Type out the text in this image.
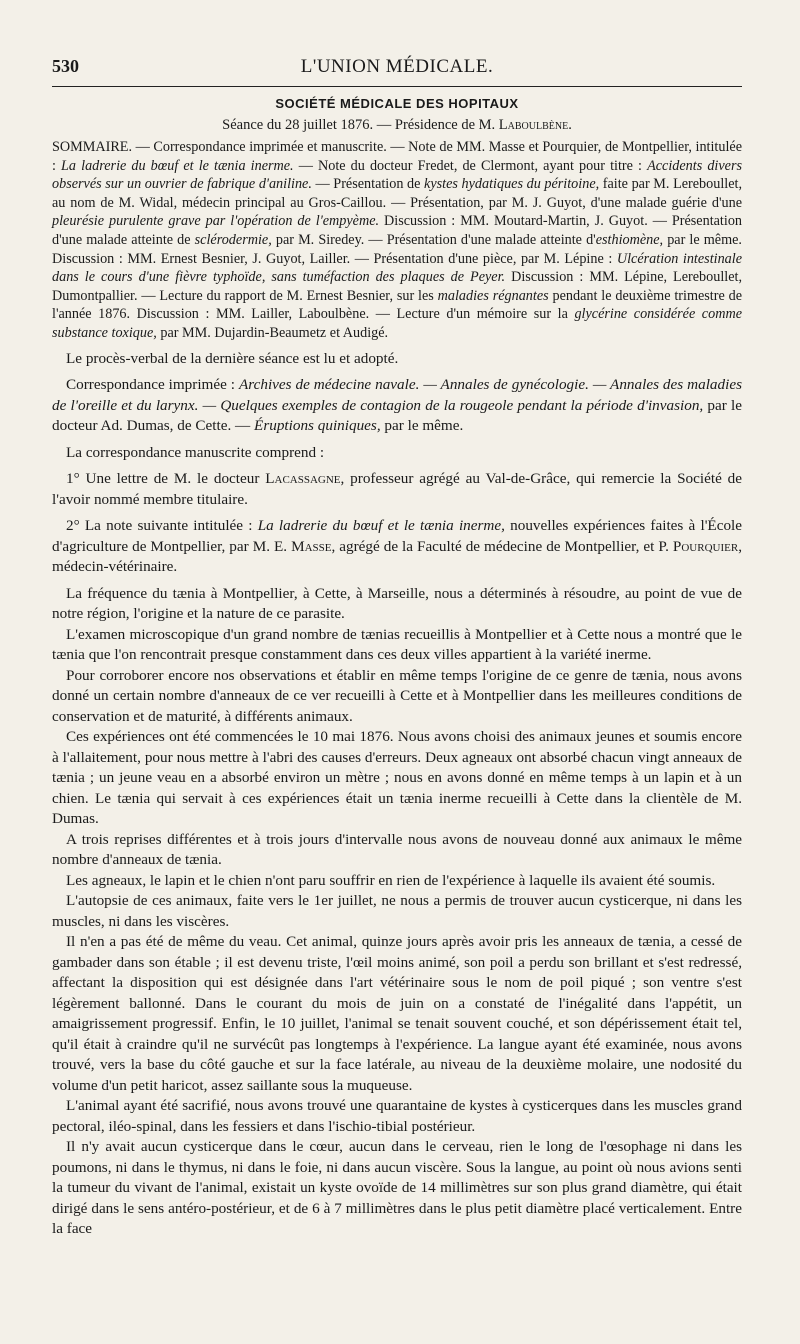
530	L'UNION MÉDICALE.
SOCIÉTÉ MÉDICALE DES HOPITAUX
Séance du 28 juillet 1876. — Présidence de M. Laboulbène.

SOMMAIRE. — Correspondance imprimée et manuscrite. — Note de MM. Masse et Pourquier, de Montpellier, intitulée : La ladrerie du bœuf et le tænia inerme. — Note du docteur Fredet, de Clermont, ayant pour titre : Accidents divers observés sur un ouvrier de fabrique d'aniline. — Présentation de kystes hydatiques du péritoine, faite par M. Lereboullet, au nom de M. Widal, médecin principal au Gros-Caillou. — Présentation, par M. J. Guyot, d'une malade guérie d'une pleurésie purulente grave par l'opération de l'empyème. Discussion : MM. Moutard-Martin, J. Guyot. — Présentation d'une malade atteinte de sclérodermie, par M. Siredey. — Présentation d'une malade atteinte d'esthiomène, par le même. Discussion : MM. Ernest Besnier, J. Guyot, Lailler. — Présentation d'une pièce, par M. Lépine : Ulcération intestinale dans le cours d'une fièvre typhoïde, sans tuméfaction des plaques de Peyer. Discussion : MM. Lépine, Lereboullet, Dumontpallier. — Lecture du rapport de M. Ernest Besnier, sur les maladies régnantes pendant le deuxième trimestre de l'année 1876. Discussion : MM. Lailler, Laboulbène. — Lecture d'un mémoire sur la glycérine considérée comme substance toxique, par MM. Dujardin-Beaumetz et Audigé.

Le procès-verbal de la dernière séance est lu et adopté.

Correspondance imprimée : Archives de médecine navale. — Annales de gynécologie. — Annales des maladies de l'oreille et du larynx. — Quelques exemples de contagion de la rougeole pendant la période d'invasion, par le docteur Ad. Dumas, de Cette. — Éruptions quiniques, par le même.

La correspondance manuscrite comprend :

1° Une lettre de M. le docteur Lacassagne, professeur agrégé au Val-de-Grâce, qui remercie la Société de l'avoir nommé membre titulaire.

2° La note suivante intitulée : La ladrerie du bœuf et le tænia inerme, nouvelles expériences faites à l'École d'agriculture de Montpellier, par M. E. Masse, agrégé de la Faculté de médecine de Montpellier, et P. Pourquier, médecin-vétérinaire.

La fréquence du tænia à Montpellier, à Cette, à Marseille, nous a déterminés à résoudre, au point de vue de notre région, l'origine et la nature de ce parasite.

L'examen microscopique d'un grand nombre de tænias recueillis à Montpellier et à Cette nous a montré que le tænia que l'on rencontrait presque constamment dans ces deux villes appartient à la variété inerme.

Pour corroborer encore nos observations et établir en même temps l'origine de ce genre de tænia, nous avons donné un certain nombre d'anneaux de ce ver recueilli à Cette et à Montpellier dans les meilleures conditions de conservation et de maturité, à différents animaux.

Ces expériences ont été commencées le 10 mai 1876. Nous avons choisi des animaux jeunes et soumis encore à l'allaitement, pour nous mettre à l'abri des causes d'erreurs. Deux agneaux ont absorbé chacun vingt anneaux de tænia ; un jeune veau en a absorbé environ un mètre ; nous en avons donné en même temps à un lapin et à un chien. Le tænia qui servait à ces expériences était un tænia inerme recueilli à Cette dans la clientèle de M. Dumas.

A trois reprises différentes et à trois jours d'intervalle nous avons de nouveau donné aux animaux le même nombre d'anneaux de tænia.

Les agneaux, le lapin et le chien n'ont paru souffrir en rien de l'expérience à laquelle ils avaient été soumis.

L'autopsie de ces animaux, faite vers le 1er juillet, ne nous a permis de trouver aucun cysticerque, ni dans les muscles, ni dans les viscères.

Il n'en a pas été de même du veau. Cet animal, quinze jours après avoir pris les anneaux de tænia, a cessé de gambader dans son étable ; il est devenu triste, l'œil moins animé, son poil a perdu son brillant et s'est redressé, affectant la disposition qui est désignée dans l'art vétérinaire sous le nom de poil piqué ; son ventre s'est légèrement ballonné. Dans le courant du mois de juin on a constaté de l'inégalité dans l'appétit, un amaigrissement progressif. Enfin, le 10 juillet, l'animal se tenait souvent couché, et son dépérissement était tel, qu'il était à craindre qu'il ne survécût pas longtemps à l'expérience. La langue ayant été examinée, nous avons trouvé, vers la base du côté gauche et sur la face latérale, au niveau de la deuxième molaire, une nodosité du volume d'un petit haricot, assez saillante sous la muqueuse.

L'animal ayant été sacrifié, nous avons trouvé une quarantaine de kystes à cysticerques dans les muscles grand pectoral, iléo-spinal, dans les fessiers et dans l'ischio-tibial postérieur.

Il n'y avait aucun cysticerque dans le cœur, aucun dans le cerveau, rien le long de l'œsophage ni dans les poumons, ni dans le thymus, ni dans le foie, ni dans aucun viscère. Sous la langue, au point où nous avions senti la tumeur du vivant de l'animal, existait un kyste ovoïde de 14 millimètres sur son plus grand diamètre, qui était dirigé dans le sens antéro-postérieur, et de 6 à 7 millimètres dans le plus petit diamètre placé verticalement. Entre la face
